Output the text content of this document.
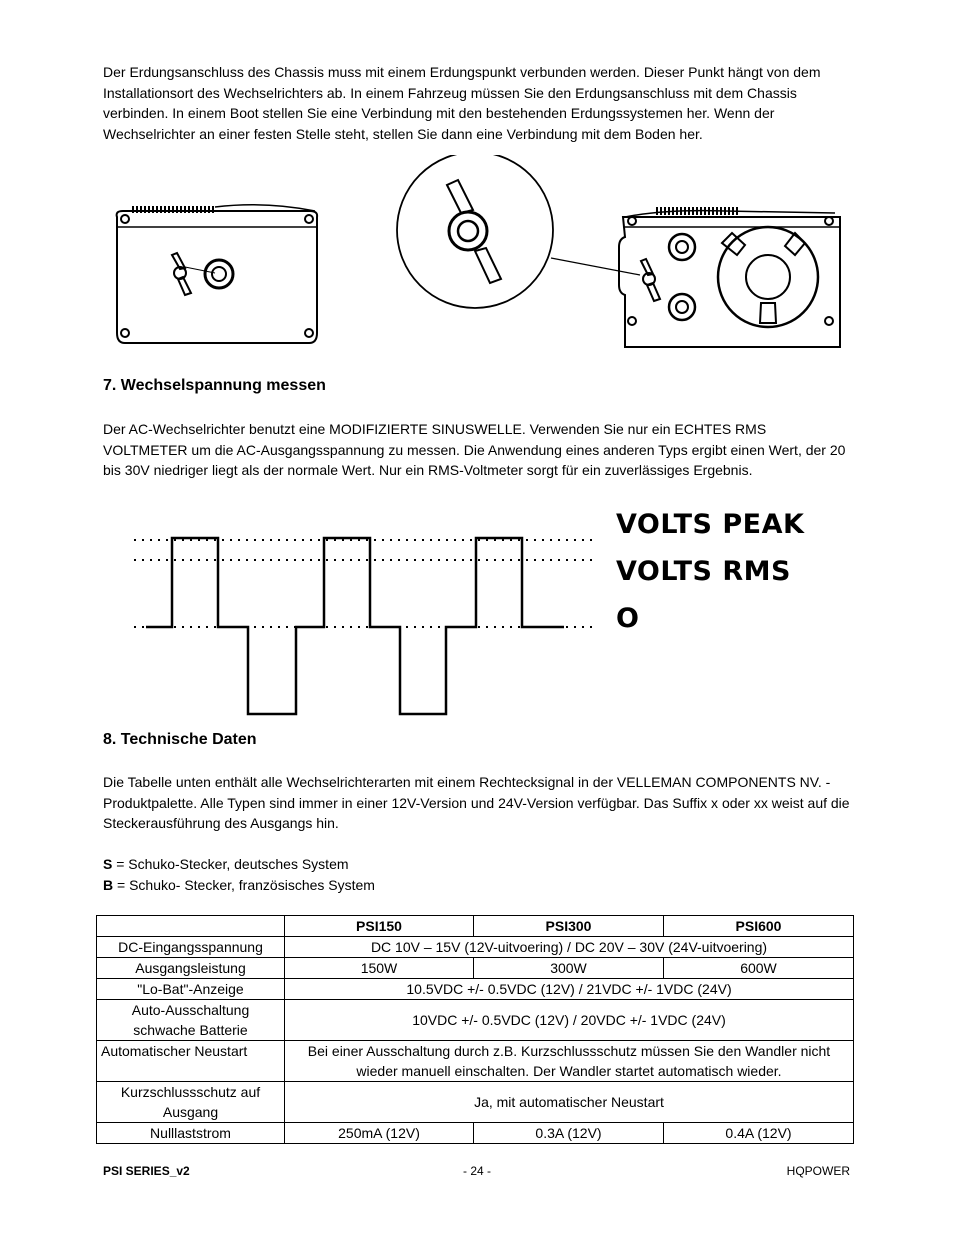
Der Erdungsanschluss des Chassis muss mit einem Erdungspunkt verbunden werden. Dieser Punkt hängt von dem Installationsort des Wechselrichters ab. In einem Fahrzeug müssen Sie den Erdungsanschluss mit dem Chassis verbinden. In einem Boot stellen Sie eine Verbindung mit den bestehenden Erdungssystemen her. Wenn der Wechselrichter an einer festen Stelle steht, stellen Sie dann eine Verbindung mit dem Boden her.

7. Wechselspannung messen

Der AC-Wechselrichter benutzt eine MODIFIZIERTE SINUSWELLE. Verwenden Sie nur ein ECHTES RMS VOLTMETER um die AC-Ausgangsspannung zu messen. Die Anwendung eines anderen Typs ergibt einen Wert, der 20 bis 30V niedriger liegt als der normale Wert. Nur ein RMS-Voltmeter sorgt für ein zuverlässiges Ergebnis.

VOLTS PEAK
VOLTS RMS
O
8. Technische Daten

Die Tabelle unten enthält alle Wechselrichterarten mit einem Rechtecksignal in der VELLEMAN COMPONENTS NV. -Produktpalette. Alle Typen sind immer in einer 12V-Version und 24V-Version verfügbar. Das Suffix x oder xx weist auf die Steckerausführung des Ausgangs hin.

S = Schuko-Stecker, deutsches System
B = Schuko- Stecker, französisches System

	PSI150	PSI300	PSI600
DC-Eingangsspannung	DC 10V – 15V (12V-uitvoering) / DC 20V – 30V (24V-uitvoering)		
Ausgangsleistung	150W	300W	600W
"Lo-Bat"-Anzeige	10.5VDC +/- 0.5VDC (12V) / 21VDC +/- 1VDC (24V)		
Auto-Ausschaltung
schwache Batterie	10VDC +/- 0.5VDC (12V) / 20VDC +/- 1VDC (24V)		
Automatischer Neustart	Bei einer Ausschaltung durch z.B. Kurzschlussschutz müssen Sie den Wandler nicht
wieder manuell einschalten. Der Wandler startet automatisch wieder.		
Kurzschlussschutz auf
Ausgang	Ja, mit automatischer Neustart		
Nulllaststrom	250mA (12V)	0.3A (12V)	0.4A (12V)
PSI SERIES_v2	- 24 -	HQPOWER
